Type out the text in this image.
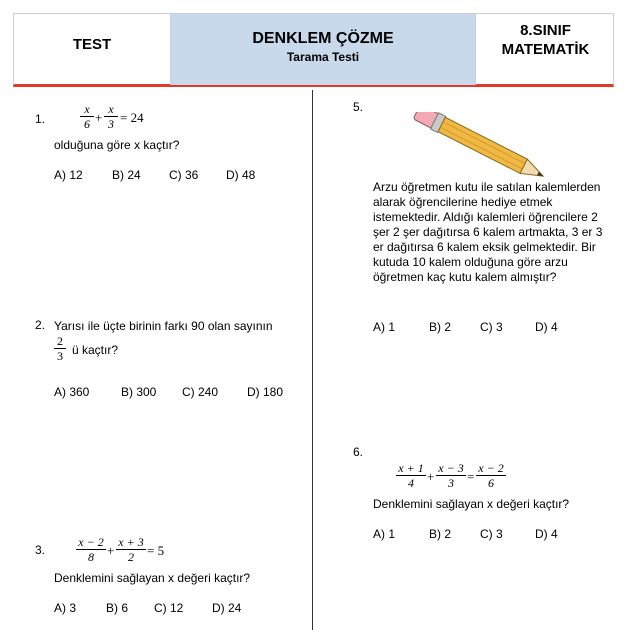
TEST	DENKLEM ÇÖZME
Tarama Testi
8.SINIF
MATEMATİK
1.	$\frac{x}{6} + \frac{x}{3} = 24$
olduğuna göre x kaçtır?
A) 12 B) 24 C) 36 D) 48
2. Yarısı ile üçte birinin farkı 90 olan sayının
$\frac{2}{3}$ ü kaçtır?
A) 360	B) 300 C) 240 D) 180
3.	$\frac{x - 2}{8} + \frac{x + 3}{2} = 5$
Denklemini sağlayan x değeri kaçtır?
A) 3 B) 6 C) 12 D) 24
5.
Arzu öğretmen kutu ile satılan kalemlerden alarak öğrencilerine hediye etmek istemektedir. Aldığı kalemleri öğrencilere 2 şer 2 şer dağıtırsa 6 kalem artmakta, 3 er 3 er dağıtırsa 6 kalem eksik gelmektedir. Bir kutuda 10 kalem olduğuna göre arzu öğretmen kaç kutu kalem almıştır?
A) 1	B) 2 C) 3	D) 4
6.
$\frac{x + 1}{4} + \frac{x - 3}{3} = \frac{x - 2}{6}$
Denklemini sağlayan x değeri kaçtır?
A) 1	B) 2 C) 3	D) 4
